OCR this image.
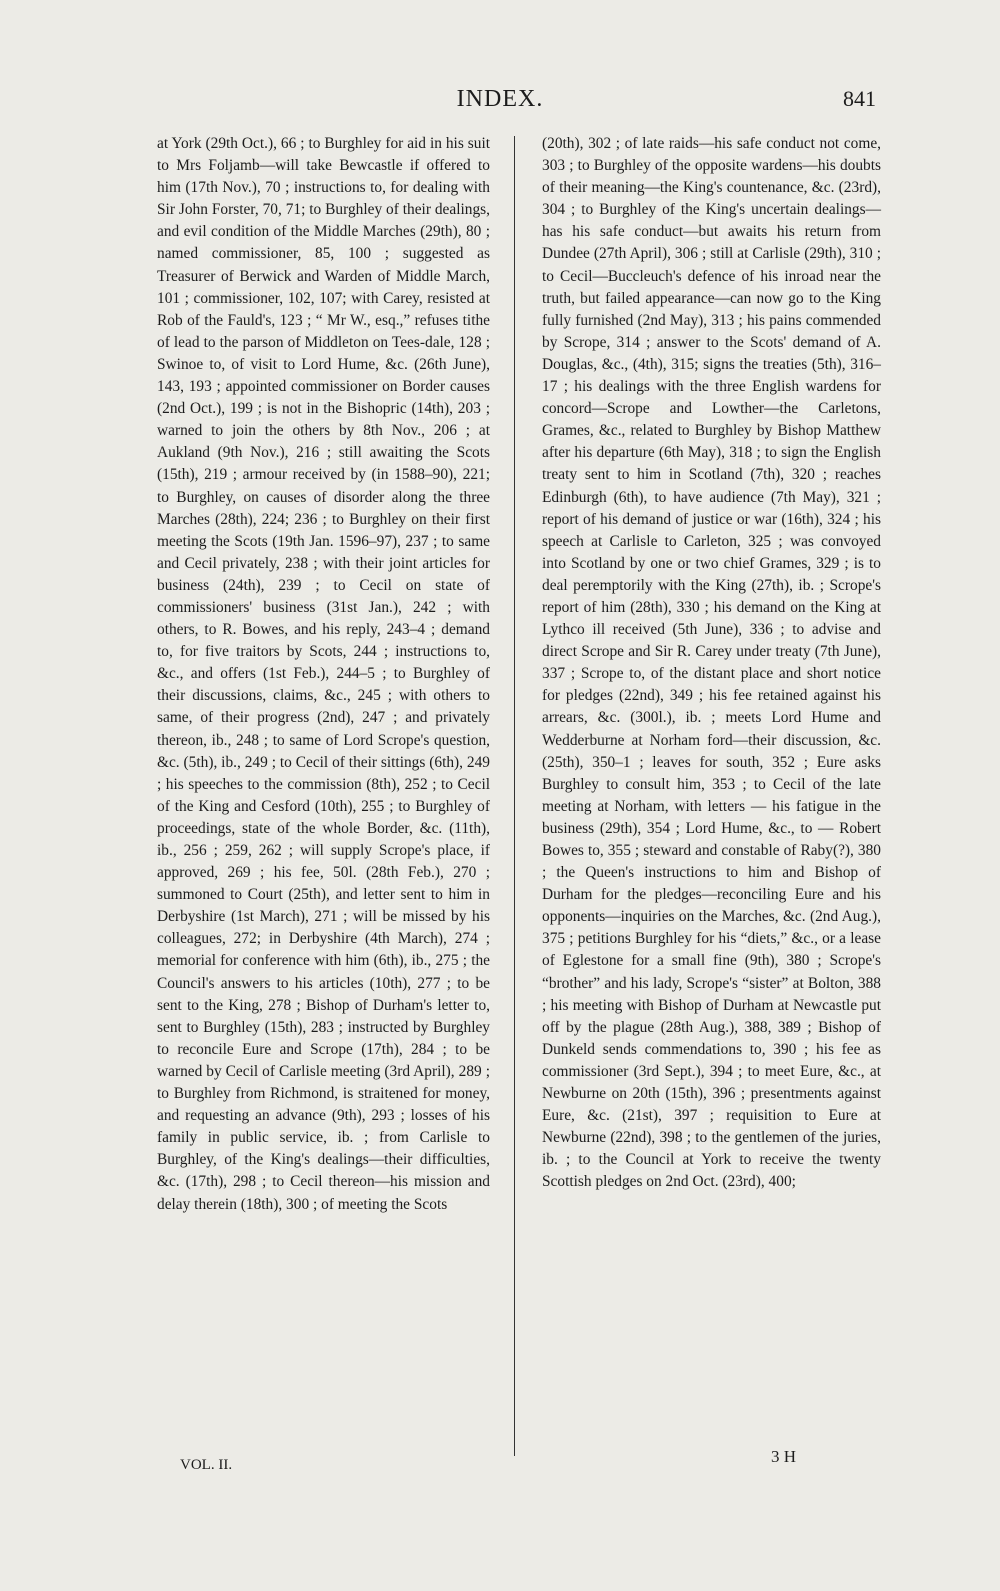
INDEX.	841

at York (29th Oct.), 66 ; to Burghley for aid in his suit to Mrs Foljamb—will take Bewcastle if offered to him (17th Nov.), 70 ; instructions to, for dealing with Sir John Forster, 70, 71; to Burghley of their dealings, and evil condition of the Middle Marches (29th), 80 ; named commissioner, 85, 100 ; suggested as Treasurer of Berwick and Warden of Middle March, 101 ; commissioner, 102, 107; with Carey, resisted at Rob of the Fauld's, 123 ; “ Mr W., esq.,” refuses tithe of lead to the parson of Middleton on Tees-dale, 128 ; Swinoe to, of visit to Lord Hume, &c. (26th June), 143, 193 ; appointed commissioner on Border causes (2nd Oct.), 199 ; is not in the Bishopric (14th), 203 ; warned to join the others by 8th Nov., 206 ; at Aukland (9th Nov.), 216 ; still awaiting the Scots (15th), 219 ; armour received by (in 1588–90), 221; to Burghley, on causes of disorder along the three Marches (28th), 224; 236 ; to Burghley on their first meeting the Scots (19th Jan. 1596–97), 237 ; to same and Cecil privately, 238 ; with their joint articles for business (24th), 239 ; to Cecil on state of commissioners' business (31st Jan.), 242 ; with others, to R. Bowes, and his reply, 243–4 ; demand to, for five traitors by Scots, 244 ; instructions to, &c., and offers (1st Feb.), 244–5 ; to Burghley of their discussions, claims, &c., 245 ; with others to same, of their progress (2nd), 247 ; and privately thereon, ib., 248 ; to same of Lord Scrope's question, &c. (5th), ib., 249 ; to Cecil of their sittings (6th), 249 ; his speeches to the commission (8th), 252 ; to Cecil of the King and Cesford (10th), 255 ; to Burghley of proceedings, state of the whole Border, &c. (11th), ib., 256 ; 259, 262 ; will supply Scrope's place, if approved, 269 ; his fee, 50l. (28th Feb.), 270 ; summoned to Court (25th), and letter sent to him in Derbyshire (1st March), 271 ; will be missed by his colleagues, 272; in Derbyshire (4th March), 274 ; memorial for conference with him (6th), ib., 275 ; the Council's answers to his articles (10th), 277 ; to be sent to the King, 278 ; Bishop of Durham's letter to, sent to Burghley (15th), 283 ; instructed by Burghley to reconcile Eure and Scrope (17th), 284 ; to be warned by Cecil of Carlisle meeting (3rd April), 289 ; to Burghley from Richmond, is straitened for money, and requesting an advance (9th), 293 ; losses of his family in public service, ib. ; from Carlisle to Burghley, of the King's dealings—their difficulties, &c. (17th), 298 ; to Cecil thereon—his mission and delay therein (18th), 300 ; of meeting the Scots

(20th), 302 ; of late raids—his safe conduct not come, 303 ; to Burghley of the opposite wardens—his doubts of their meaning—the King's countenance, &c. (23rd), 304 ; to Burghley of the King's uncertain dealings—has his safe conduct—but awaits his return from Dundee (27th April), 306 ; still at Carlisle (29th), 310 ; to Cecil—Buccleuch's defence of his inroad near the truth, but failed appearance—can now go to the King fully furnished (2nd May), 313 ; his pains commended by Scrope, 314 ; answer to the Scots' demand of A. Douglas, &c., (4th), 315; signs the treaties (5th), 316–17 ; his dealings with the three English wardens for concord—Scrope and Lowther—the Carletons, Grames, &c., related to Burghley by Bishop Matthew after his departure (6th May), 318 ; to sign the English treaty sent to him in Scotland (7th), 320 ; reaches Edinburgh (6th), to have audience (7th May), 321 ; report of his demand of justice or war (16th), 324 ; his speech at Carlisle to Carleton, 325 ; was convoyed into Scotland by one or two chief Grames, 329 ; is to deal peremptorily with the King (27th), ib. ; Scrope's report of him (28th), 330 ; his demand on the King at Lythco ill received (5th June), 336 ; to advise and direct Scrope and Sir R. Carey under treaty (7th June), 337 ; Scrope to, of the distant place and short notice for pledges (22nd), 349 ; his fee retained against his arrears, &c. (300l.), ib. ; meets Lord Hume and Wedderburne at Norham ford—their discussion, &c. (25th), 350–1 ; leaves for south, 352 ; Eure asks Burghley to consult him, 353 ; to Cecil of the late meeting at Norham, with letters — his fatigue in the business (29th), 354 ; Lord Hume, &c., to — Robert Bowes to, 355 ; steward and constable of Raby(?), 380 ; the Queen's instructions to him and Bishop of Durham for the pledges—reconciling Eure and his opponents—inquiries on the Marches, &c. (2nd Aug.), 375 ; petitions Burghley for his “diets,” &c., or a lease of Eglestone for a small fine (9th), 380 ; Scrope's “brother” and his lady, Scrope's “sister” at Bolton, 388 ; his meeting with Bishop of Durham at Newcastle put off by the plague (28th Aug.), 388, 389 ; Bishop of Dunkeld sends commendations to, 390 ; his fee as commissioner (3rd Sept.), 394 ; to meet Eure, &c., at Newburne on 20th (15th), 396 ; presentments against Eure, &c. (21st), 397 ; requisition to Eure at Newburne (22nd), 398 ; to the gentlemen of the juries, ib. ; to the Council at York to receive the twenty Scottish pledges on 2nd Oct. (23rd), 400;

VOL. II.	3 H
